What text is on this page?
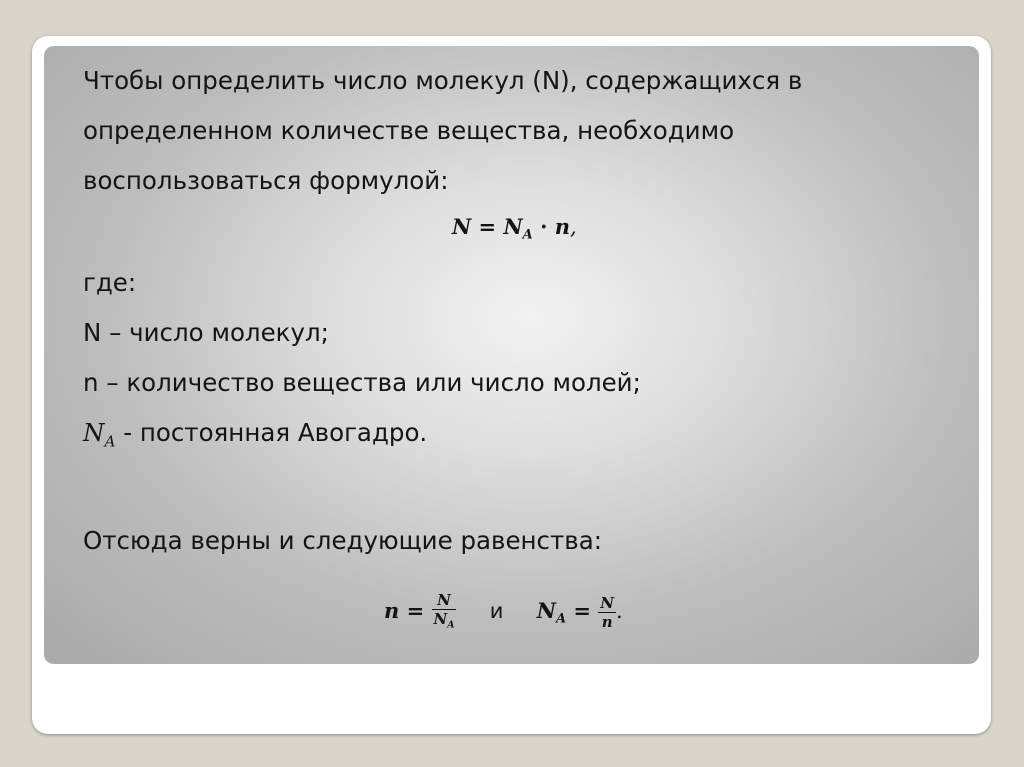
Чтобы определить число молекул (N), содержащихся в
определенном количестве вещества, необходимо
воспользоваться формулой:
$N = N_A \cdot n$,
где:
N – число молекул;
n – количество вещества или число молей;
$N_A$ - постоянная Авогадро.
Отсюда верны и следующие равенства:
$n = \frac{N}{N_A}$ и $N_A = \frac{N}{n}$ .
